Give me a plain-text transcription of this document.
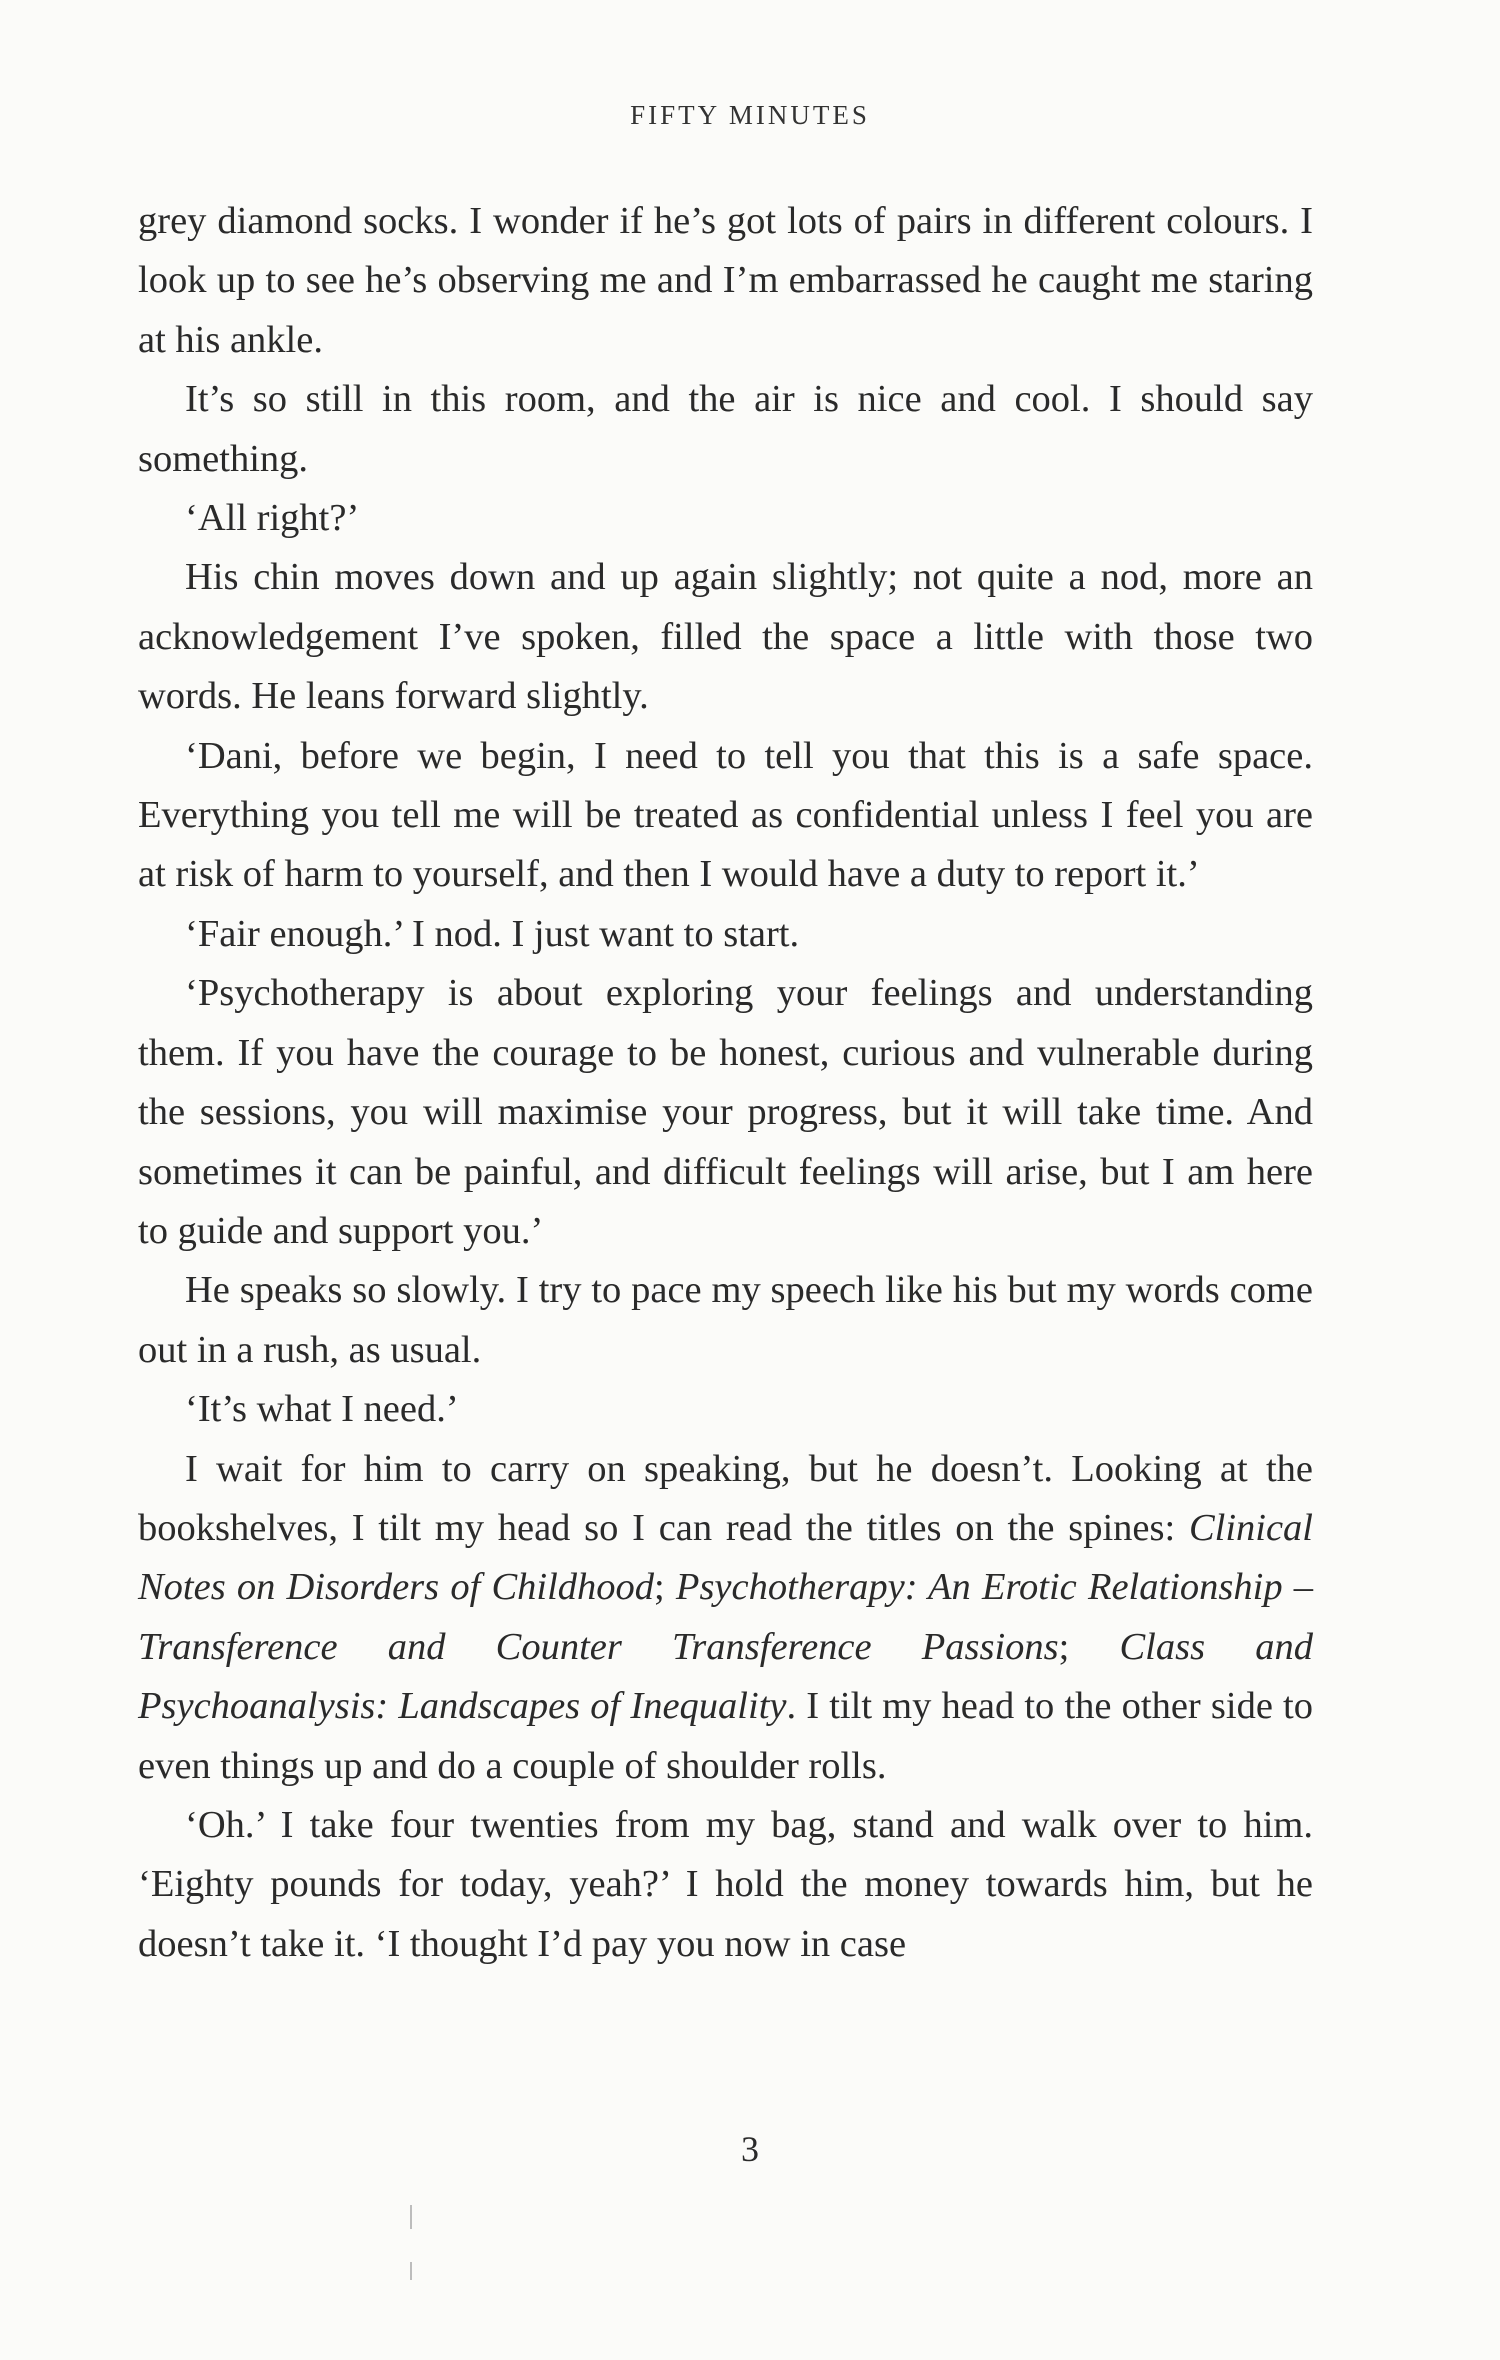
FIFTY MINUTES

grey diamond socks. I wonder if he’s got lots of pairs in different colours. I look up to see he’s observing me and I’m embarrassed he caught me staring at his ankle.

It’s so still in this room, and the air is nice and cool. I should say something.

‘All right?’

His chin moves down and up again slightly; not quite a nod, more an acknowledgement I’ve spoken, filled the space a little with those two words. He leans forward slightly.

‘Dani, before we begin, I need to tell you that this is a safe space. Everything you tell me will be treated as confidential unless I feel you are at risk of harm to yourself, and then I would have a duty to report it.’

‘Fair enough.’ I nod. I just want to start.

‘Psychotherapy is about exploring your feelings and understanding them. If you have the courage to be honest, curious and vulnerable during the sessions, you will maximise your progress, but it will take time. And sometimes it can be painful, and difficult feelings will arise, but I am here to guide and support you.’

He speaks so slowly. I try to pace my speech like his but my words come out in a rush, as usual.

‘It’s what I need.’

I wait for him to carry on speaking, but he doesn’t. Looking at the bookshelves, I tilt my head so I can read the titles on the spines: Clinical Notes on Disorders of Childhood; Psychotherapy: An Erotic Relationship – Transference and Counter Transference Passions; Class and Psychoanalysis: Landscapes of Inequality. I tilt my head to the other side to even things up and do a couple of shoulder rolls.

‘Oh.’ I take four twenties from my bag, stand and walk over to him. ‘Eighty pounds for today, yeah?’ I hold the money towards him, but he doesn’t take it. ‘I thought I’d pay you now in case

3
